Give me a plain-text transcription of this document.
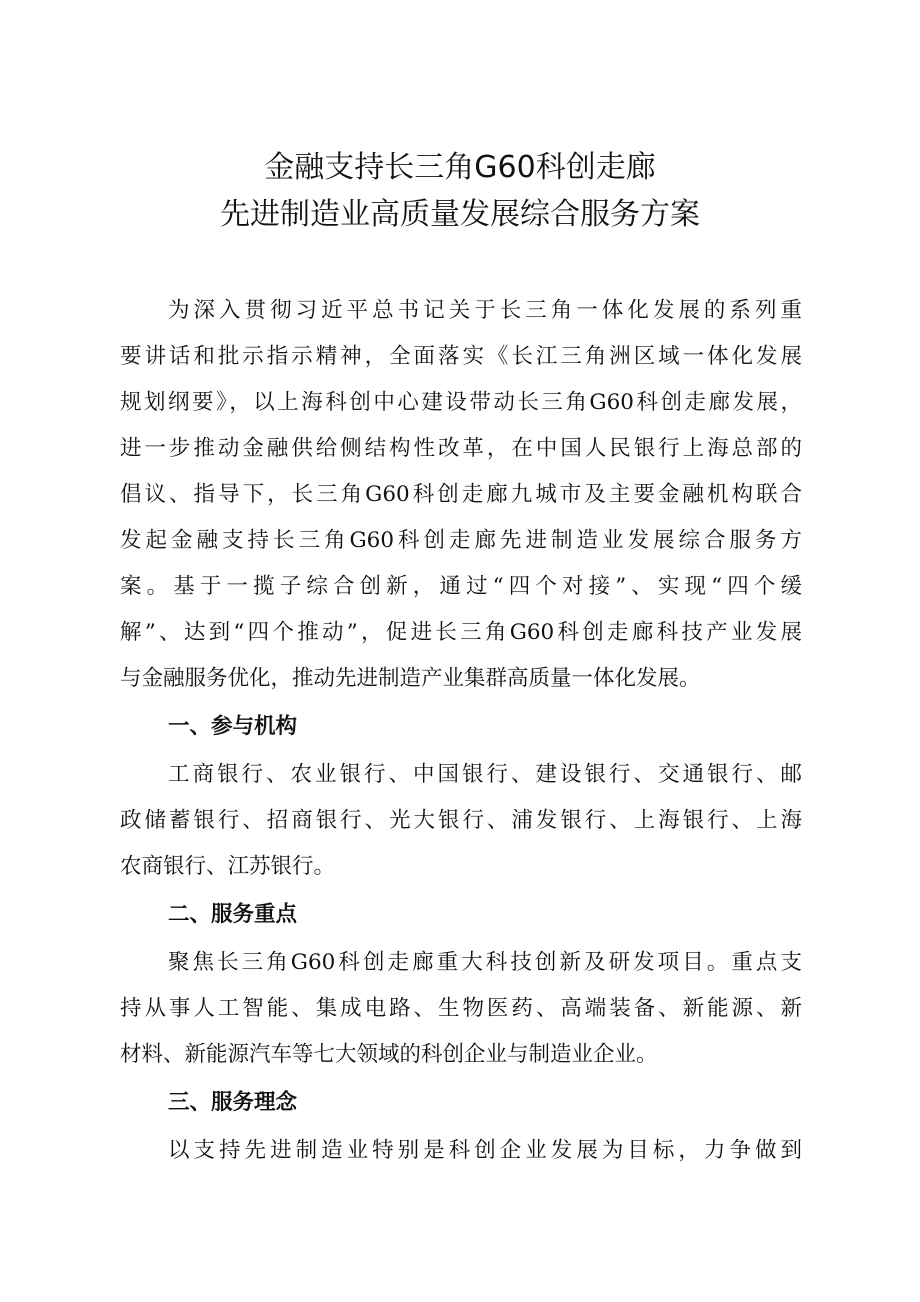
金融支持长三角G60科创走廊
先进制造业高质量发展综合服务方案
为深入贯彻习近平总书记关于长三角一体化发展的系列重
要讲话和批示指示精神，全面落实《长江三角洲区域一体化发展
规划纲要》，以上海科创中心建设带动长三角G60科创走廊发展，
进一步推动金融供给侧结构性改革，在中国人民银行上海总部的
倡议、指导下，长三角G60科创走廊九城市及主要金融机构联合
发起金融支持长三角G60科创走廊先进制造业发展综合服务方
案。基于一揽子综合创新，通过“四个对接”、实现“四个缓
解”、达到“四个推动”，促进长三角G60科创走廊科技产业发展
与金融服务优化，推动先进制造产业集群高质量一体化发展。
一、参与机构
工商银行、农业银行、中国银行、建设银行、交通银行、邮
政储蓄银行、招商银行、光大银行、浦发银行、上海银行、上海
农商银行、江苏银行。
二、服务重点
聚焦长三角G60科创走廊重大科技创新及研发项目。重点支
持从事人工智能、集成电路、生物医药、高端装备、新能源、新
材料、新能源汽车等七大领域的科创企业与制造业企业。
三、服务理念
以支持先进制造业特别是科创企业发展为目标，力争做到
